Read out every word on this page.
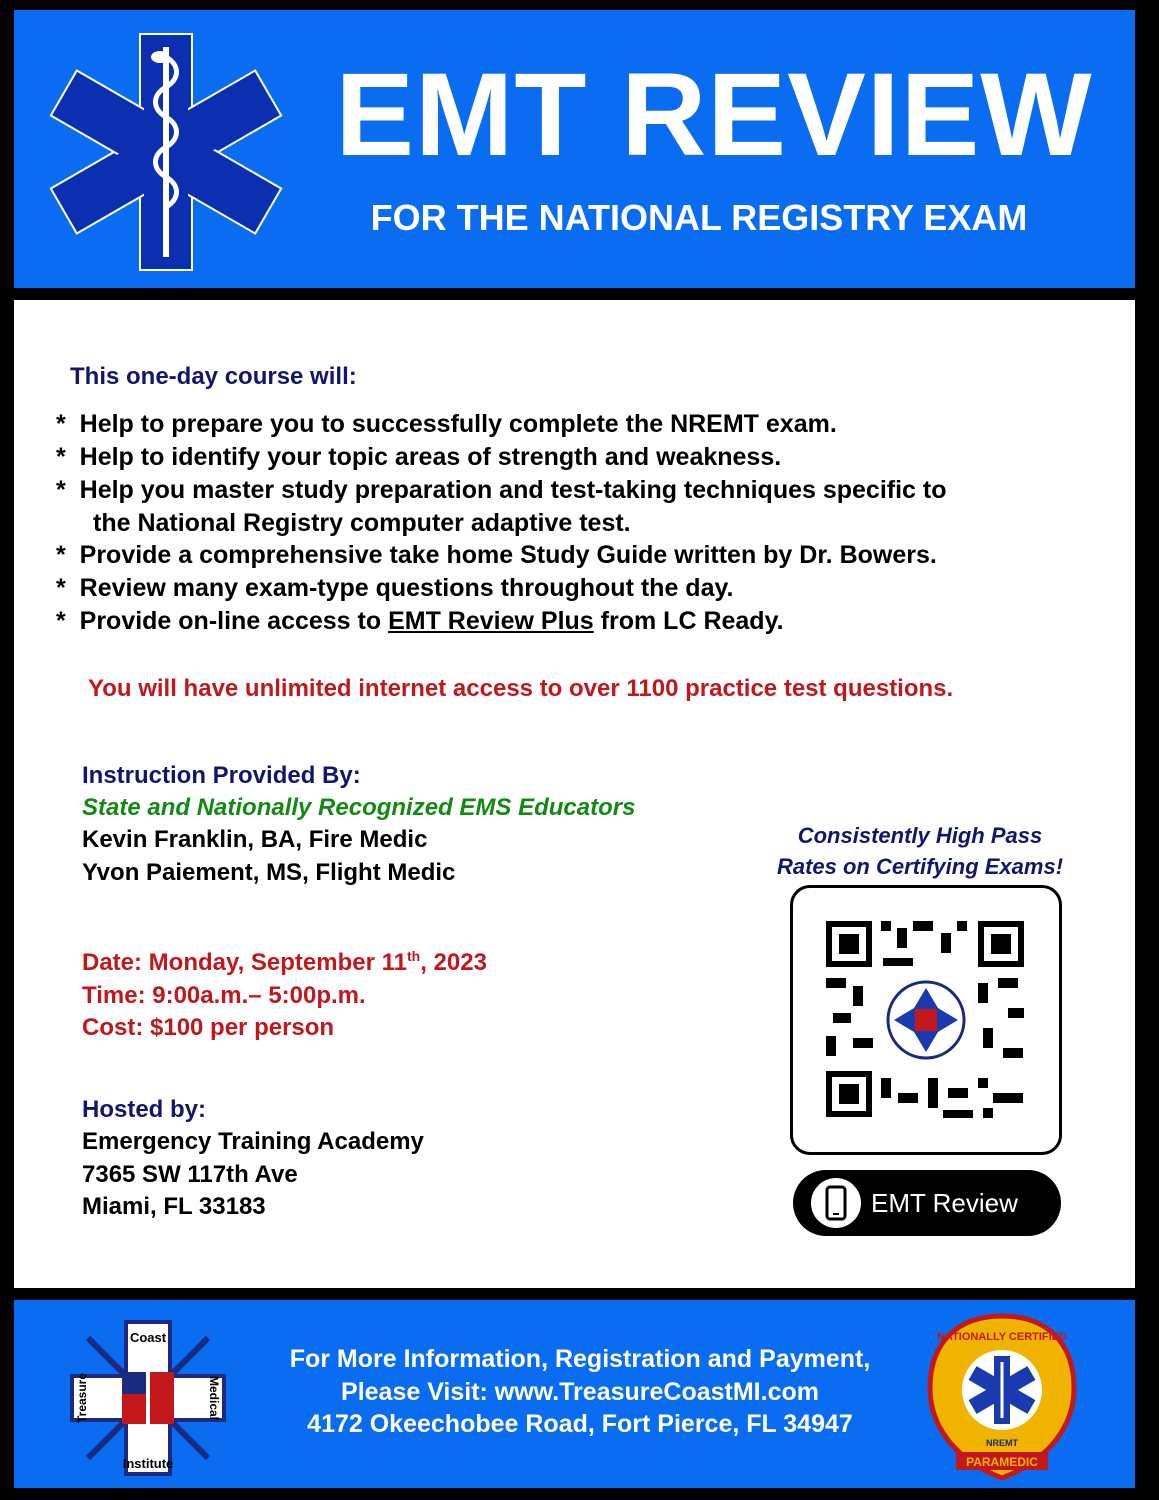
EMT REVIEW
FOR THE NATIONAL REGISTRY EXAM
This one-day course will:
* Help to prepare you to successfully complete the NREMT exam.
* Help to identify your topic areas of strength and weakness.
* Help you master study preparation and test-taking techniques specific to
the National Registry computer adaptive test.
* Provide a comprehensive take home Study Guide written by Dr. Bowers.
* Review many exam-type questions throughout the day.
* Provide on-line access to EMT Review Plus from LC Ready.
You will have unlimited internet access to over 1100 practice test questions.
Instruction Provided By:
State and Nationally Recognized EMS Educators
Kevin Franklin, BA, Fire Medic
Yvon Paiement, MS, Flight Medic
Date: Monday, September 11th, 2023
Time: 9:00a.m.– 5:00p.m.
Cost: $100 per person
Hosted by:
Emergency Training Academy
7365 SW 117th Ave
Miami, FL 33183
Consistently High Pass
Rates on Certifying Exams!
EMT Review
Coast
Institute
Medical
Treasure
For More Information, Registration and Payment,
Please Visit: www.TreasureCoastMI.com
4172 Okeechobee Road, Fort Pierce, FL 34947
NATIONALLY CERTIFIED
NREMT
PARAMEDIC
